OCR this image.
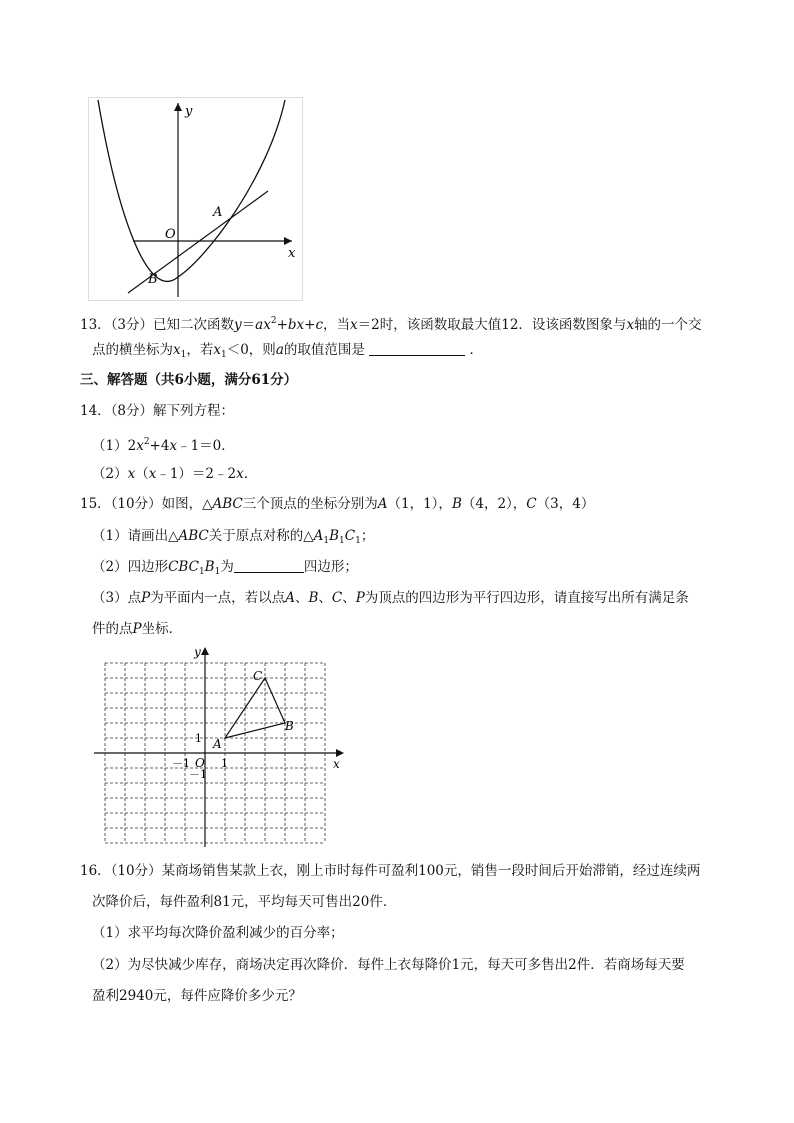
y
x
O
A
B
13．（3分）已知二次函数$y=ax^2+bx+c$，当x＝2时，该函数取最大值12．设该函数图象与x轴的一个交
点的横坐标为$x_1$，若$x_1<0$，则a的取值范围是	．
三、解答题（共6小题，满分61分）
14．（8分）解下列方程：
$(1)2x^2+4x﹣1=0$．
（2）x（x﹣1）＝2﹣2x．
15．（10分）如图，△ABC三个顶点的坐标分别为A（1，1），B（4，2），C（3，4）
（1）请画出△ABC关于原点对称的$\triangle A_1B_1C_1$；
（2）四边形$CBC_1B_1$为	四边形；
（3）点P为平面内一点，若以点A、B、C、P为顶点的四边形为平行四边形，请直接写出所有满足条
件的点P坐标．
y
x
O
－1
－1
1
1 A
B
C
16．（10分）某商场销售某款上衣，刚上市时每件可盈利100元，销售一段时间后开始滞销，经过连续两
次降价后，每件盈利81元，平均每天可售出20件．
（1）求平均每次降价盈利减少的百分率；
（2）为尽快减少库存，商场决定再次降价．每件上衣每降价1元，每天可多售出2件．若商场每天要
盈利2940元，每件应降价多少元？
